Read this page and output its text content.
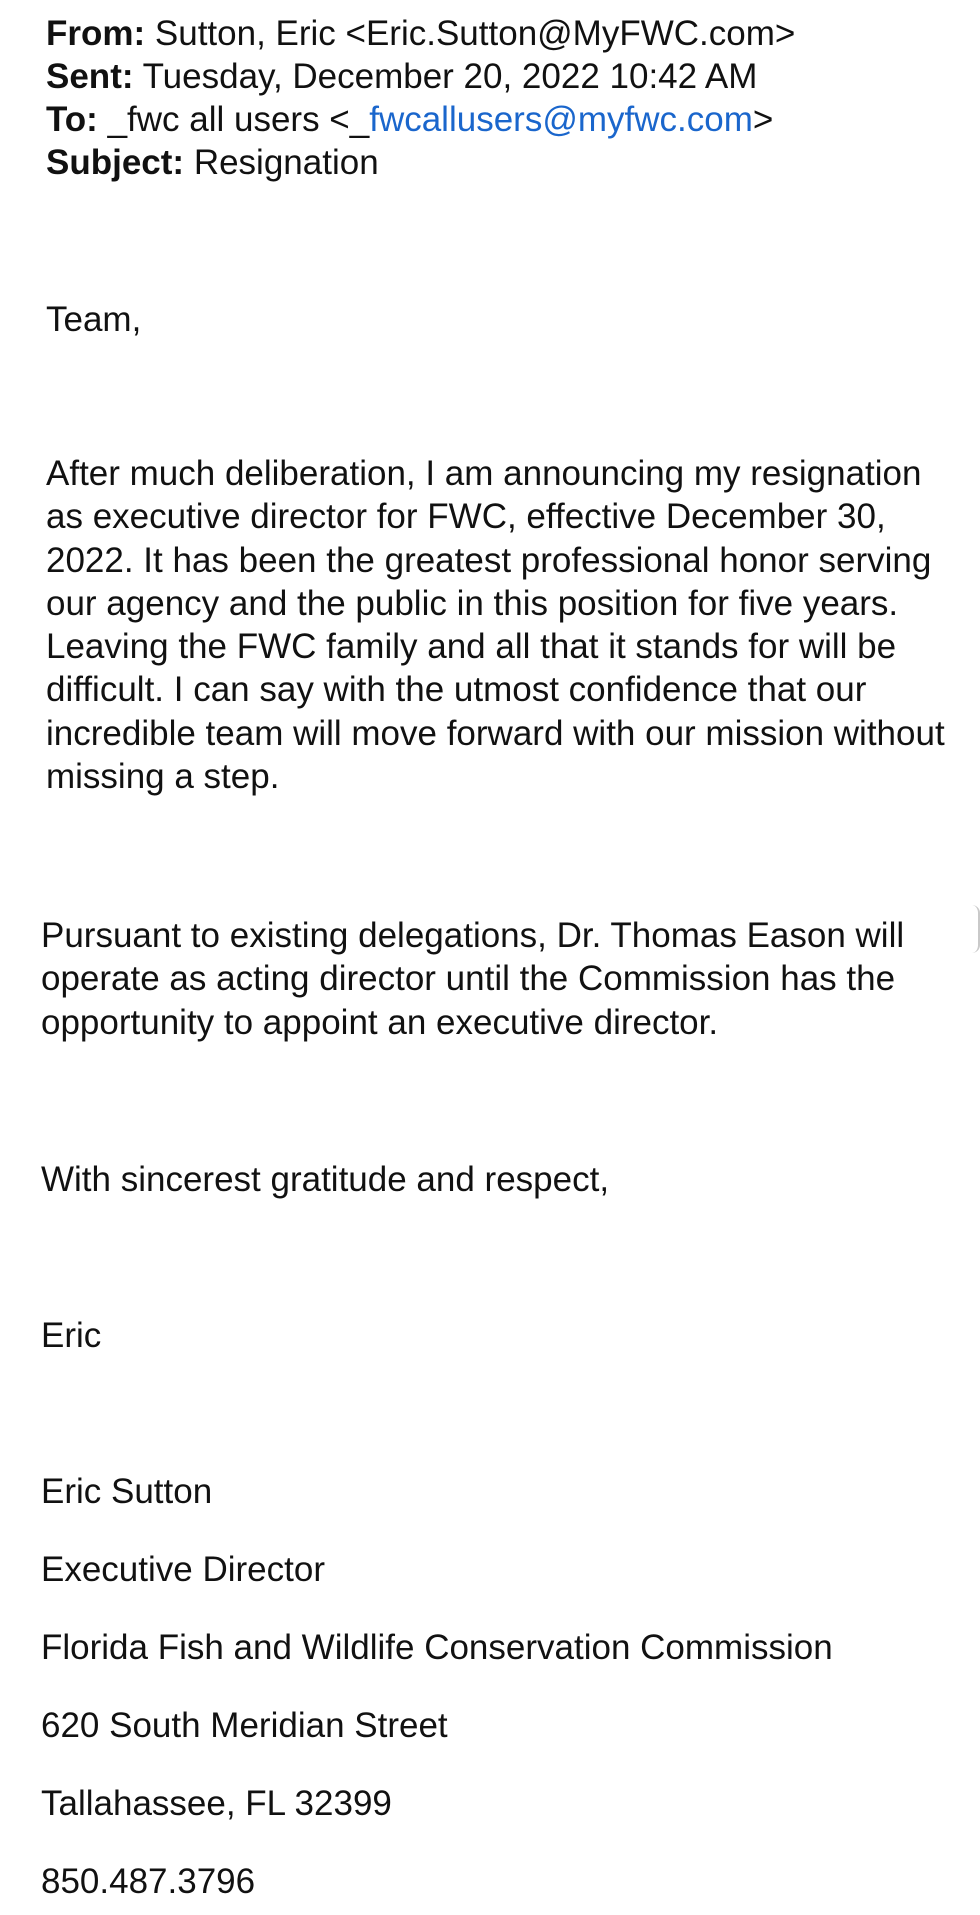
From: Sutton, Eric <Eric.Sutton@MyFWC.com>
Sent: Tuesday, December 20, 2022 10:42 AM
To: _fwc all users <_fwcallusers@myfwc.com>
Subject: Resignation

Team,

After much deliberation, I am announcing my resignation as executive director for FWC, effective December 30, 2022. It has been the greatest professional honor serving our agency and the public in this position for five years. Leaving the FWC family and all that it stands for will be difficult. I can say with the utmost confidence that our incredible team will move forward with our mission without missing a step.

Pursuant to existing delegations, Dr. Thomas Eason will operate as acting director until the Commission has the opportunity to appoint an executive director.

With sincerest gratitude and respect,

Eric

Eric Sutton
Executive Director
Florida Fish and Wildlife Conservation Commission
620 South Meridian Street
Tallahassee, FL 32399
850.487.3796
